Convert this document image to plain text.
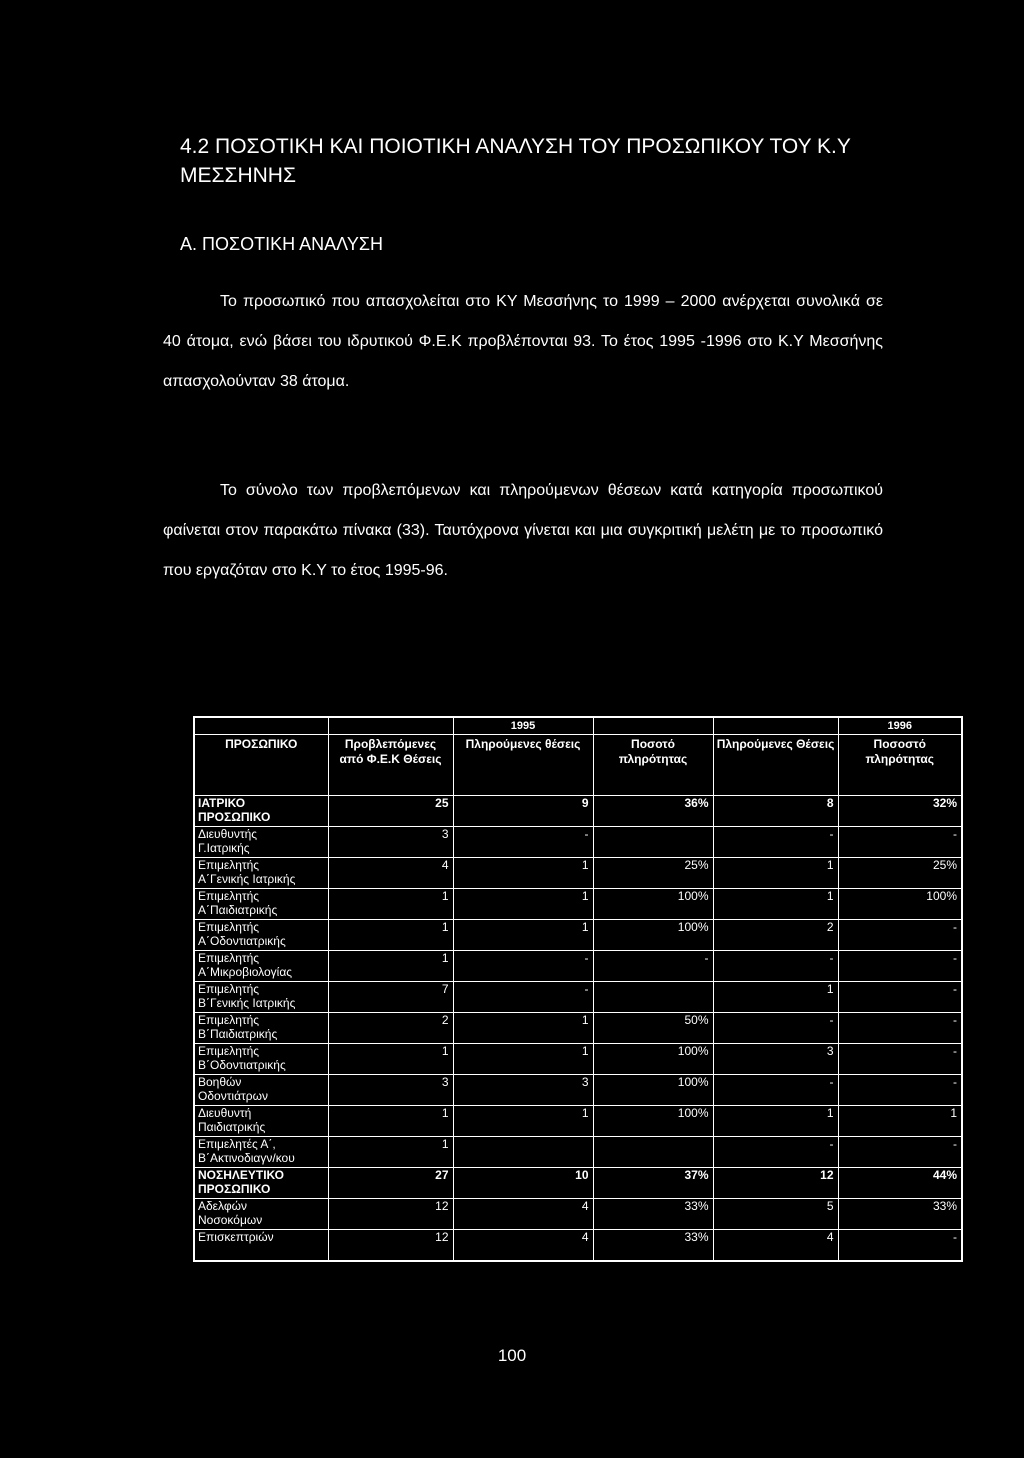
4.2 ΠΟΣΟΤΙΚΗ ΚΑΙ ΠΟΙΟΤΙΚΗ ΑΝΑΛΥΣΗ ΤΟΥ ΠΡΟΣΩΠΙΚΟΥ ΤΟΥ Κ.Υ ΜΕΣΣΗΝΗΣ
Α. ΠΟΣΟΤΙΚΗ ΑΝΑΛΥΣΗ

Το προσωπικό που απασχολείται στο ΚΥ Μεσσήνης το 1999 – 2000 ανέρχεται συνολικά σε 40 άτομα, ενώ βάσει του ιδρυτικού Φ.Ε.Κ προβλέπονται 93. Το έτος 1995 -1996 στο Κ.Υ Μεσσήνης απασχολούνταν 38 άτομα.

Το σύνολο των προβλεπόμενων και πληρούμενων θέσεων κατά κατηγορία προσωπικού φαίνεται στον παρακάτω πίνακα (33). Ταυτόχρονα γίνεται και μια συγκριτική μελέτη με το προσωπικό που εργαζόταν στο Κ.Υ το έτος 1995-96.

		1995			1996
ΠΡΟΣΩΠΙΚΟ	Προβλεπόμενες από Φ.Ε.Κ Θέσεις	Πληρούμενες θέσεις	Ποσοτό πληρότητας	Πληρούμενες Θέσεις	Ποσοστό πληρότητας

ΙΑΤΡΙΚΟ
ΠΡΟΣΩΠΙΚΟ	25	9	36%	8	32%

Διευθυντής
Γ.Ιατρικής	3	-		-	-

Επιμελητής
Α΄Γενικής Ιατρικής	4	1	25%	1	25%

Επιμελητής
Α΄Παιδιατρικής	1	1	100%	1	100%

Επιμελητής
Α΄Οδοντιατρικής	1	1	100%	2	-

Επιμελητής
Α΄Μικροβιολογίας	1	-	-	-	-

Επιμελητής
Β΄Γενικής Ιατρικής	7	-		1	-

Επιμελητής
Β΄Παιδιατρικής	2	1	50%	-	-

Επιμελητής
Β΄Οδοντιατρικής	1	1	100%	3	-

Βοηθών
Οδοντιάτρων	3	3	100%	-	-

Διευθυντή
Παιδιατρικής	1	1	100%	1	1

Επιμελητές Α΄,
Β΄Ακτινοδιαγν/κου	1			-	-

ΝΟΣΗΛΕΥΤΙΚΟ
ΠΡΟΣΩΠΙΚΟ	27	10	37%	12	44%

Αδελφών
Νοσοκόμων	12	4	33%	5	33%

Επισκεπτριών	12	4	33%	4	-
100
